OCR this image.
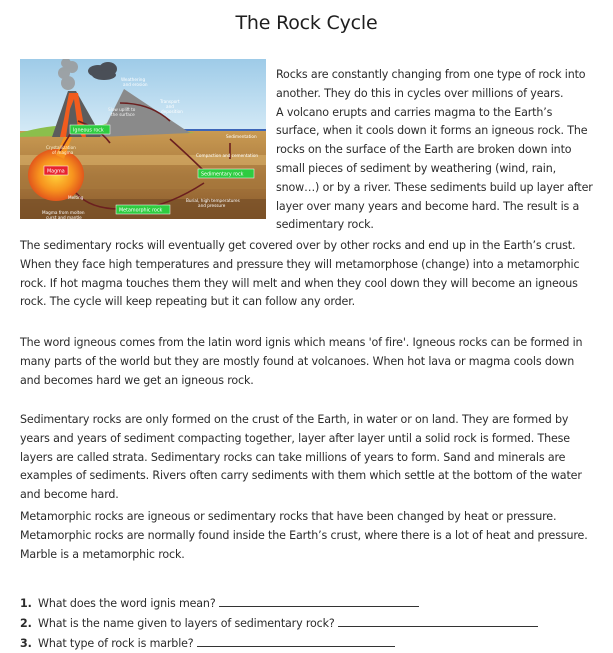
The Rock Cycle
Weathering
and erosion
Slow uplift to
the surface
Transport
and
deposition
Sedimentation
Crystallization
of magma
Compaction and cementation
Melting
Burial, high temperatures
and pressure
Magma from molten
curst and mantle
Igneous rock
Magma
Sedimentary rock
Metamorphic rock

Rocks are constantly changing from one type of rock into another. They do this in cycles over millions of years.

A volcano erupts and carries magma to the Earth’s surface, when it cools down it forms an igneous rock. The rocks on the surface of the Earth are broken down into small pieces of sediment by weathering (wind, rain, snow…) or by a river. These sediments build up layer after layer over many years and become hard. The result is a sedimentary rock.

The sedimentary rocks will eventually get covered over by other rocks and end up in the Earth’s crust. When they face high temperatures and pressure they will metamorphose (change) into a metamorphic rock. If hot magma touches them they will melt and when they cool down they will become an igneous rock. The cycle will keep repeating but it can follow any order.

The word igneous comes from the latin word ignis which means 'of fire'. Igneous rocks can be formed in many parts of the world but they are mostly found at volcanoes. When hot lava or magma cools down and becomes hard we get an igneous rock.

Sedimentary rocks are only formed on the crust of the Earth, in water or on land. They are formed by years and years of sediment compacting together, layer after layer until a solid rock is formed. These layers are called strata. Sedimentary rocks can take millions of years to form. Sand and minerals are examples of sediments. Rivers often carry sediments with them which settle at the bottom of the water and become hard.

Metamorphic rocks are igneous or sedimentary rocks that have been changed by heat or pressure. Metamorphic rocks are normally found inside the Earth’s crust, where there is a lot of heat and pressure. Marble is a metamorphic rock.

1. What does the word ignis mean?
2. What is the name given to layers of sedimentary rock?
3. What type of rock is marble?
